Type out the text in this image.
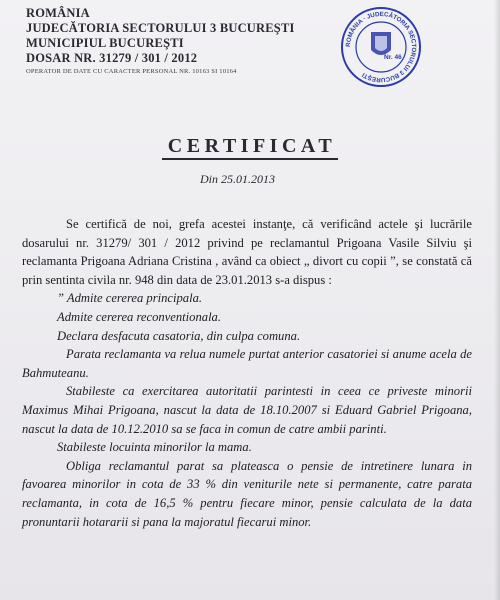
ROMÂNIA
JUDECĂTORIA SECTORULUI 3 BUCUREŞTI
MUNICIPIUL BUCUREŞTI
DOSAR NR. 31279 / 301 / 2012
OPERATOR DE DATE CU CARACTER PERSONAL NR. 10163 SI 10164
ROMÂNIA · JUDECĂTORIA SECTORULUI 3 BUCUREŞTI
Nr. 46
CERTIFICAT
Din 25.01.2013

Se certifică de noi, grefa acestei instanţe, că verificând actele şi lucrările dosarului nr. 31279/ 301 / 2012 privind pe reclamantul Prigoana Vasile Silviu şi reclamanta Prigoana Adriana Cristina , având ca obiect „ divort cu copii ”, se constată că prin sentinta civila nr. 948 din data de 23.01.2013 s-a dispus :

” Admite cererea principala.

Admite cererea reconventionala.

Declara desfacuta casatoria, din culpa comuna.

Parata reclamanta va relua numele purtat anterior casatoriei si anume acela de Bahmuteanu.

Stabileste ca exercitarea autoritatii parintesti in ceea ce priveste minorii Maximus Mihai Prigoana, nascut la data de 18.10.2007 si Eduard Gabriel Prigoana, nascut la data de 10.12.2010 sa se faca in comun de catre ambii parinti.

Stabileste locuinta minorilor la mama.

Obliga reclamantul parat sa plateasca o pensie de intretinere lunara in favoarea minorilor in cota de 33 % din veniturile nete si permanente, catre parata reclamanta, in cota de 16,5 % pentru fiecare minor, pensie calculata de la data pronuntarii hotararii si pana la majoratul fiecarui minor.
